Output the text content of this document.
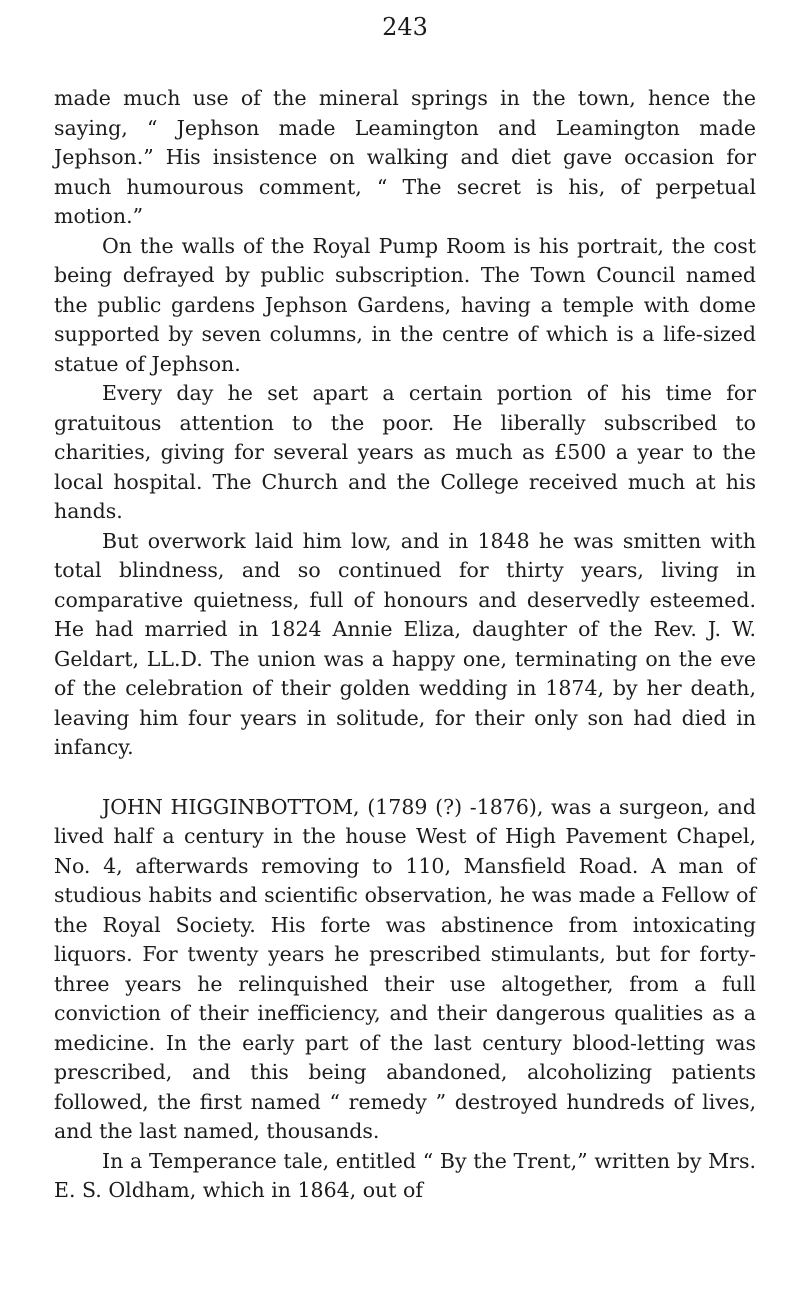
243

made much use of the mineral springs in the town, hence the saying, “ Jephson made Leamington and Leamington made Jephson.” His insistence on walking and diet gave occasion for much humourous comment, “ The secret is his, of perpetual motion.”

On the walls of the Royal Pump Room is his portrait, the cost being defrayed by public subscription. The Town Council named the public gardens Jephson Gardens, having a temple with dome supported by seven columns, in the centre of which is a life-sized statue of Jephson.

Every day he set apart a certain portion of his time for gratuitous attention to the poor. He liberally subscribed to charities, giving for several years as much as £500 a year to the local hospital. The Church and the College received much at his hands.

But overwork laid him low, and in 1848 he was smitten with total blindness, and so continued for thirty years, living in comparative quietness, full of honours and deservedly esteemed. He had married in 1824 Annie Eliza, daughter of the Rev. J. W. Geldart, LL.D. The union was a happy one, terminating on the eve of the celebration of their golden wedding in 1874, by her death, leaving him four years in solitude, for their only son had died in infancy.

JOHN HIGGINBOTTOM, (1789 (?) -1876), was a surgeon, and lived half a century in the house West of High Pavement Chapel, No. 4, afterwards removing to 110, Mansfield Road. A man of studious habits and scientific observation, he was made a Fellow of the Royal Society. His forte was abstinence from intoxicating liquors. For twenty years he prescribed stimulants, but for forty-three years he relinquished their use altogether, from a full conviction of their inefficiency, and their dangerous qualities as a medicine. In the early part of the last century blood-letting was prescribed, and this being abandoned, alcoholizing patients followed, the first named “ remedy ” destroyed hundreds of lives, and the last named, thousands.

In a Temperance tale, entitled “ By the Trent,” written by Mrs. E. S. Oldham, which in 1864, out of
